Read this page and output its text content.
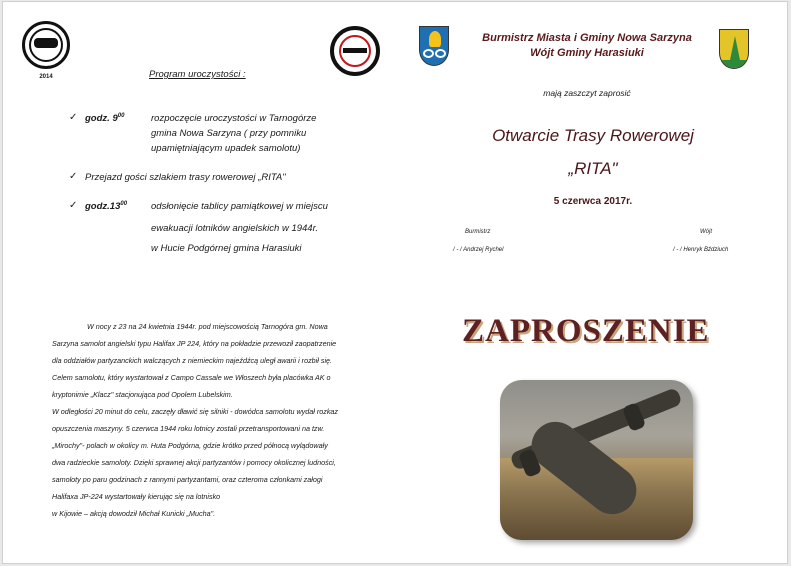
2014
Burmistrz Miasta i Gminy Nowa Sarzyna
Wójt Gminy Harasiuki
mają zaszczyt zaprosić
Program uroczystości :
✓ godz. $9^{00}$	rozpoczęcie uroczystości w Tarnogórze
gmina Nowa Sarzyna ( przy pomniku
upamiętniającym upadek samolotu)
✓ Przejazd gości szlakiem trasy rowerowej „RITA"
✓ $godz.13^{00}$	odsłonięcie tablicy pamiątkowej w miejscu
ewakuacji lotników angielskich w 1944r.
w Hucie Podgórnej gmina Harasiuki
Otwarcie Trasy Rowerowej
„RITA"
5 czerwca 2017r.
Burmistrz
/ - / Andrzej Rychel
Wójt
/ - / Henryk Bździuch
ZAPROSZENIE
W nocy z 23 na 24 kwietnia 1944r. pod miejscowością Tarnogóra gm. Nowa
Sarzyna samolot angielski typu Halifax JP 224, który na pokładzie przewoził zaopatrzenie
dla oddziałów partyzanckich walczących z niemieckim najeźdźcą uległ awarii i rozbił się.
Celem samolotu, który wystartował z Campo Cassale we Włoszech była placówka AK o
kryptonimie „Klacz" stacjonująca pod Opolem Lubelskim.
W odległości 20 minut do celu, zaczęły dławić się silniki - dowódca samolotu wydał rozkaz
opuszczenia maszyny. 5 czerwca 1944 roku lotnicy zostali przetransportowani na tzw.
„Mirochy"- polach w okolicy m. Huta Podgórna, gdzie krótko przed północą wylądowały
dwa radzieckie samoloty. Dzięki sprawnej akcji partyzantów i pomocy okolicznej ludności,
samoloty po paru godzinach z rannymi partyzantami, oraz czteroma członkami załogi
Halifaxa JP-224 wystartowały kierując się na lotnisko
w Kijowie – akcją dowodził Michał Kunicki „Mucha".
